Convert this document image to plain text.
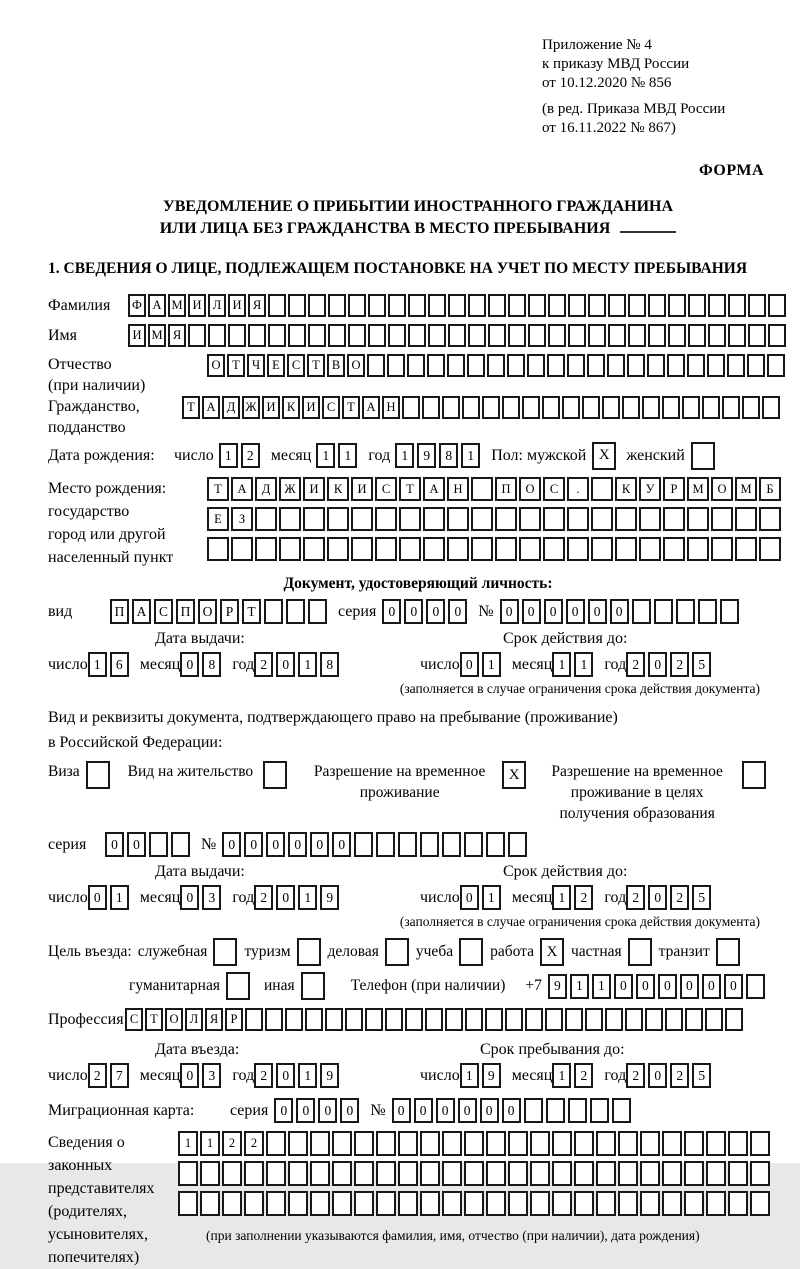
Приложение № 4
к приказу МВД России
от 10.12.2020 № 856
(в ред. Приказа МВД России
от 16.11.2022 № 867)
ФОРМА
УВЕДОМЛЕНИЕ О ПРИБЫТИИ ИНОСТРАННОГО ГРАЖДАНИНА
ИЛИ ЛИЦА БЕЗ ГРАЖДАНСТВА В МЕСТО ПРЕБЫВАНИЯ
1. СВЕДЕНИЯ О ЛИЦЕ, ПОДЛЕЖАЩЕМ ПОСТАНОВКЕ НА УЧЕТ ПО МЕСТУ ПРЕБЫВАНИЯ
Фамилия	Ф А М И Л И Я
Имя	И М Я
Отчество
(при наличии)
О Т Ч Е С Т В О
Гражданство,
подданство
Т А Д Ж И К И С Т А Н
Дата рождения:	число 1	2	месяц 1	1	год 1	9	8	1	Пол: мужской X	женский
Место рождения:
государство
город или другой
населенный пункт
Т	А	Д	Ж	И	К	И	С	Т	А	Н	П	О	С	.	К	У	Р	М	О	М	Б
Е	З
Документ, удостоверяющий личность:
вид	П А С П О Р	Т	серия 0	0	0	0	№ 0	0	0	0	0	0
Дата выдачи:	Срок действия до:
число 1	6	месяц 0	8	год 2	0	1	8	число 0	1	месяц 1	1	год 2	0	2	5
(заполняется в случае ограничения срока действия документа)
Вид и реквизиты документа, подтверждающего право на пребывание (проживание)
в Российской Федерации:
Виза	Вид на жительство	Разрешение на временное
проживание
X	Разрешение на временное
проживание в целях
получения образования
серия	0	0	№ 0	0	0	0	0	0
Дата выдачи:	Срок действия до:
число 0	1	месяц 0	3	год 2	0	1	9	число 0	1	месяц 1	2	год 2	0	2	5
(заполняется в случае ограничения срока действия документа)
Цель въезда: служебная туризм деловая учеба работа X частная транзит
гуманитарная	иная	Телефон (при наличии) +7 9	1	1	0	0	0	0	0	0
Профессия С Т О Л Я Р
Дата въезда:	Срок пребывания до:
число 2	7	месяц 0	3	год 2	0	1	9	число 1	9	месяц 1	2	год 2	0	2	5
Миграционная карта:	серия 0	0	0	0	№ 0	0	0	0	0	0
Сведения о
законных
представителях
(родителях,
усыновителях,
попечителях)
1	1	2	2
(при заполнении указываются фамилия, имя, отчество (при наличии), дата рождения)
